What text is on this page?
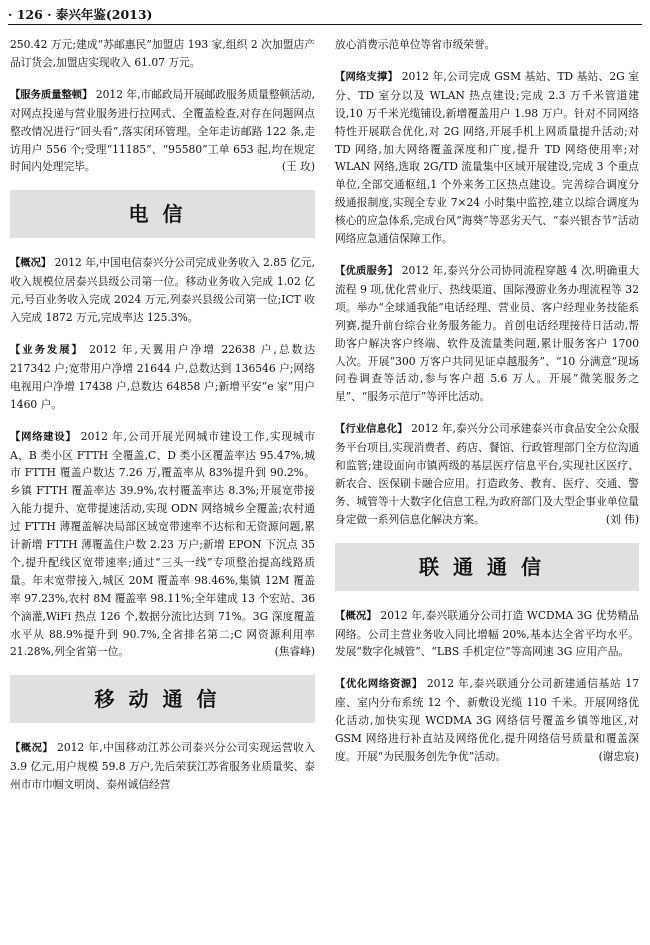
· 126 · 泰兴年鉴(2013)

250.42 万元;建成“苏邮惠民”加盟店 193 家,组织 2 次加盟店产品订货会,加盟店实现收入 61.07 万元。

【服务质量整顿】 2012 年,市邮政局开展邮政服务质量整顿活动,对网点投递与营业服务进行拉网式、全覆盖检查,对存在问题网点整改情况进行“回头看”,落实闭环管理。全年走访邮路 122 条,走访用户 556 个;受理“11185”、“95580”工单 653 起,均在规定时间内处理完毕。	(王 玫)

电信

【概况】 2012 年,中国电信泰兴分公司完成业务收入 2.85 亿元,收入规模位居泰兴县级公司第一位。移动业务收入完成 1.02 亿元,号百业务收入完成 2024 万元,列泰兴县级公司第一位;ICT 收入完成 1872 万元,完成率达 125.3%。

【业务发展】 2012 年,天翼用户净增 22638 户,总数达 217342 户;宽带用户净增 21644 户,总数达到 136546 户;网络电视用户净增 17438 户,总数达 64858 户;新增平安“e 家”用户 1460 户。

【网络建设】 2012 年,公司开展光网城市建设工作,实现城市 A、B 类小区 FTTH 全覆盖,C、D 类小区覆盖率达 95.47%,城市 FTTH 覆盖户数达 7.26 万,覆盖率从 83%提升到 90.2%。乡镇 FTTH 覆盖率达 39.9%,农村覆盖率达 8.3%;开展宽带接入能力提升、宽带提速活动,实现 ODN 网络城乡全覆盖;农村通过 FTTH 薄覆盖解决局部区域宽带速率不达标和无资源问题,累计新增 FTTH 薄覆盖住户数 2.23 万户;新增 EPON 下沉点 35 个,提升配线区宽带速率;通过“三头一线”专项整治提高线路质量。年末宽带接入,城区 20M 覆盖率 98.46%,集镇 12M 覆盖率 97.23%,农村 8M 覆盖率 98.11%;全年建成 13 个宏站、36 个滴灌,WiFi 热点 126 个,数据分流比达到 71%。3G 深度覆盖水平从 88.9%提升到 90.7%,全省排名第二;C 网资源利用率 21.28%,列全省第一位。	(焦睿峰)

移动通信

【概况】 2012 年,中国移动江苏公司泰兴分公司实现运营收入 3.9 亿元,用户规模 59.8 万户,先后荣获江苏省服务业质量奖、泰州市市巾帼文明岗、泰州诚信经营

放心消费示范单位等省市级荣誉。

【网络支撑】 2012 年,公司完成 GSM 基站、TD 基站、2G 室分、TD 室分以及 WLAN 热点建设;完成 2.3 万千米管道建设,10 万千米光缆铺设,新增覆盖用户 1.98 万户。针对不同网络特性开展联合优化,对 2G 网络,开展手机上网质量提升活动;对 TD 网络,加大网络覆盖深度和广度,提升 TD 网络使用率;对 WLAN 网络,选取 2G/TD 流量集中区域开展建设,完成 3 个重点单位,全部交通枢纽,1 个外来务工区热点建设。完善综合调度分级通报制度,实现全专业 7×24 小时集中监控,建立以综合调度为核心的应急体系,完成台风“海葵”等恶劣天气、“泰兴银杏节”活动网络应急通信保障工作。

【优质服务】 2012 年,泰兴分公司协同流程穿越 4 次,明确重大流程 9 项,优化营业厅、热线渠道、国际漫游业务办理流程等 32 项。举办“全球通我能”电话经理、营业员、客户经理业务技能系列赛,提升前台综合业务服务能力。首创电话经理接待日活动,帮助客户解决客户终端、软件及流量类问题,累计服务客户 1700 人次。开展“300 万客户共同见证卓越服务”、“10 分满意”现场问卷调查等活动,参与客户超 5.6 万人。开展“微笑服务之星”、“服务示范厅”等评比活动。

【行业信息化】 2012 年,泰兴分公司承建泰兴市食品安全公众服务平台项目,实现消费者、药店、餐馆、行政管理部门全方位沟通和监管;建设面向市镇两级的基层医疗信息平台,实现社区医疗、新农合、医保刷卡融合应用。打造政务、教育、医疗、交通、警务、城管等十大数字化信息工程,为政府部门及大型企事业单位量身定做一系列信息化解决方案。	(刘 伟)

联通通信

【概况】 2012 年,泰兴联通分公司打造 WCDMA 3G 优势精品网络。公司主营业务收入同比增幅 20%,基本达全省平均水平。发展“数字化城管”、“LBS 手机定位”等高网速 3G 应用产品。

【优化网络资源】 2012 年,泰兴联通分公司新建通信基站 17 座、室内分布系统 12 个、新敷设光缆 110 千米。开展网络优化活动,加快实现 WCDMA 3G 网络信号覆盖乡镇等地区,对 GSM 网络进行补直站及网络优化,提升网络信号质量和覆盖深度。开展“为民服务创先争优”活动。	(谢忠宸)
